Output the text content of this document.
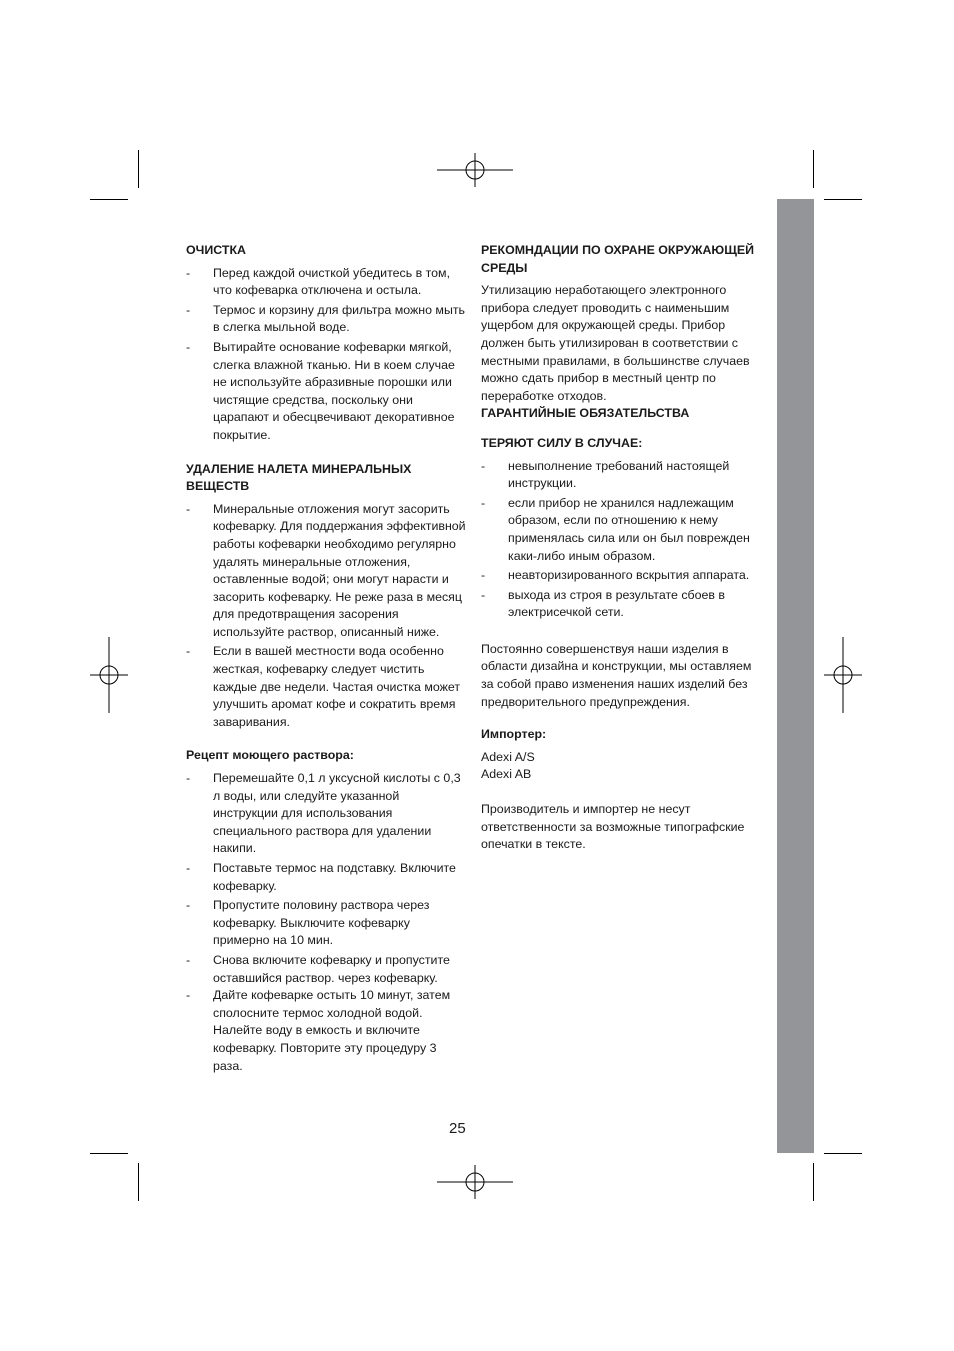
ОЧИСТКА

- Перед каждой очисткой убедитесь в том, что кофеварка отключена и остыла.
- Термос и корзину для фильтра можно мыть в слегка мыльной воде.
- Вытирайте основание кофеварки мягкой, слегка влажной тканью. Ни в коем случае не используйте абразивные порошки или чистящие средства, поскольку они царапают и обесцвечивают декоративное покрытие.

УДАЛЕНИЕ НАЛЕТА МИНЕРАЛЬНЫХ ВЕЩЕСТВ

- Минеральные отложения могут засорить кофеварку. Для поддержания эффективной работы кофеварки необходимо регулярно удалять минеральные отложения, оставленные водой; они могут нарасти и засорить кофеварку. Не реже раза в месяц для предотвращения засорения используйте раствор, описанный ниже.
- Если в вашей местности вода особенно жесткая, кофеварку следует чистить каждые две недели. Частая очистка может улучшить аромат кофе и сократить время заваривания.

Рецепт моющего раствора:

- Перемешайте 0,1 л уксусной кислоты с 0,3 л воды, или следуйте указанной инструкции для использования специального раствора для удалении накипи.
- Поставьте термос на подставку. Включите кофеварку.
- Пропустите половину раствора через кофеварку. Выключите кофеварку примерно на 10 мин.
- Снова включите кофеварку и пропустите оставшийся раствор. через кофеварку.
- Дайте кофеварке остыть 10 минут, затем сполосните термос холодной водой. Налейте воду в емкость и включите кофеварку. Повторите эту процедуру 3 раза.

РЕКОМНДАЦИИ ПО ОХРАНЕ ОКРУЖАЮЩЕЙ СРЕДЫ

Утилизацию неработающего электронного прибора следует проводить с наименьшим ущербом для окружающей среды. Прибор должен быть утилизирован в соответствии с местными правилами, в большинстве случаев можно сдать прибор в местный центр по переработке отходов.

ГАРАНТИЙНЫЕ ОБЯЗАТЕЛЬСТВА

ТЕРЯЮТ СИЛУ В СЛУЧАЕ:

- невыполнение требований настоящей инструкции.
- если прибор не хранился надлежащим образом, если по отношению к нему применялась сила или он был поврежден каки-либо иным образом.
- неавторизированного вскрытия аппарата.
- выхода из строя в результате сбоев в электрисечкой сети.

Постоянно совершенствуя наши изделия в области дизайна и конструкции, мы оставляем за собой право изменения наших изделий без предворительного предупреждения.

Импортер:

Adexi A/S

Adexi AB

Производитель и импортер не несут ответственности за возможные типографские опечатки в тексте.

25
